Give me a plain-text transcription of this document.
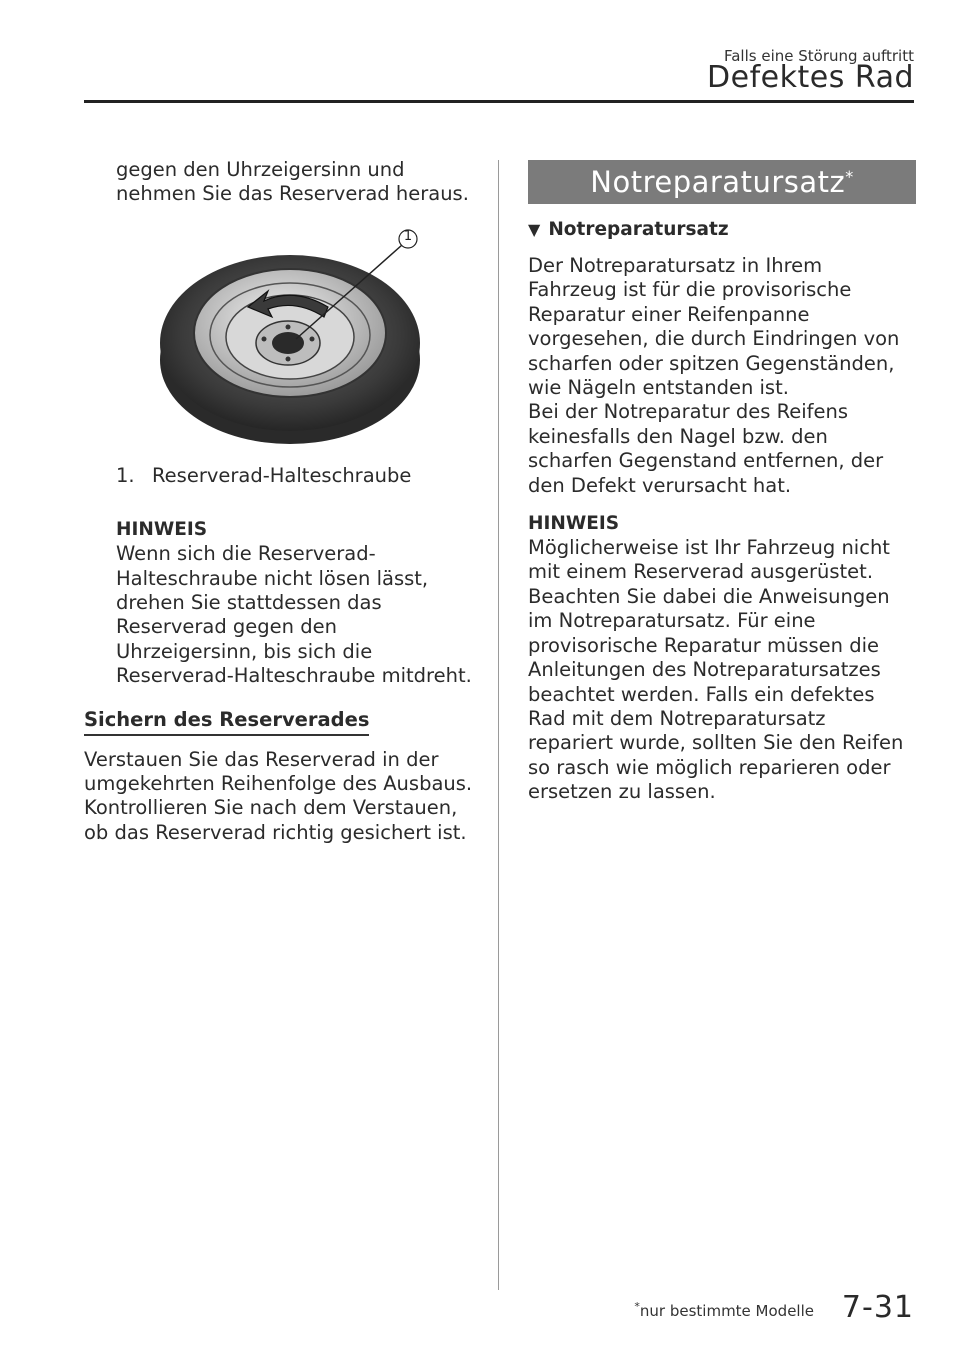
Falls eine Störung auftritt
Defektes Rad

gegen den Uhrzeigersinn und nehmen Sie das Reserverad heraus.

1
1. Reserverad-Halteschraube
HINWEIS

Wenn sich die Reserverad-Halteschraube nicht lösen lässt, drehen Sie stattdessen das Reserverad gegen den Uhrzeigersinn, bis sich die Reserverad-Halteschraube mitdreht.

Sichern des Reserverades

Verstauen Sie das Reserverad in der umgekehrten Reihenfolge des Ausbaus. Kontrollieren Sie nach dem Verstauen, ob das Reserverad richtig gesichert ist.

Notreparatursatz*
▼ Notreparatursatz

Der Notreparatursatz in Ihrem Fahrzeug ist für die provisorische Reparatur einer Reifenpanne vorgesehen, die durch Eindringen von scharfen oder spitzen Gegenständen, wie Nägeln entstanden ist.

Bei der Notreparatur des Reifens keinesfalls den Nagel bzw. den scharfen Gegenstand entfernen, der den Defekt verursacht hat.

HINWEIS

Möglicherweise ist Ihr Fahrzeug nicht mit einem Reserverad ausgerüstet. Beachten Sie dabei die Anweisungen im Notreparatursatz. Für eine provisorische Reparatur müssen die Anleitungen des Notreparatursatzes beachtet werden. Falls ein defektes Rad mit dem Notreparatursatz repariert wurde, sollten Sie den Reifen so rasch wie möglich reparieren oder ersetzen zu lassen.

*nur bestimmte Modelle 7-31
